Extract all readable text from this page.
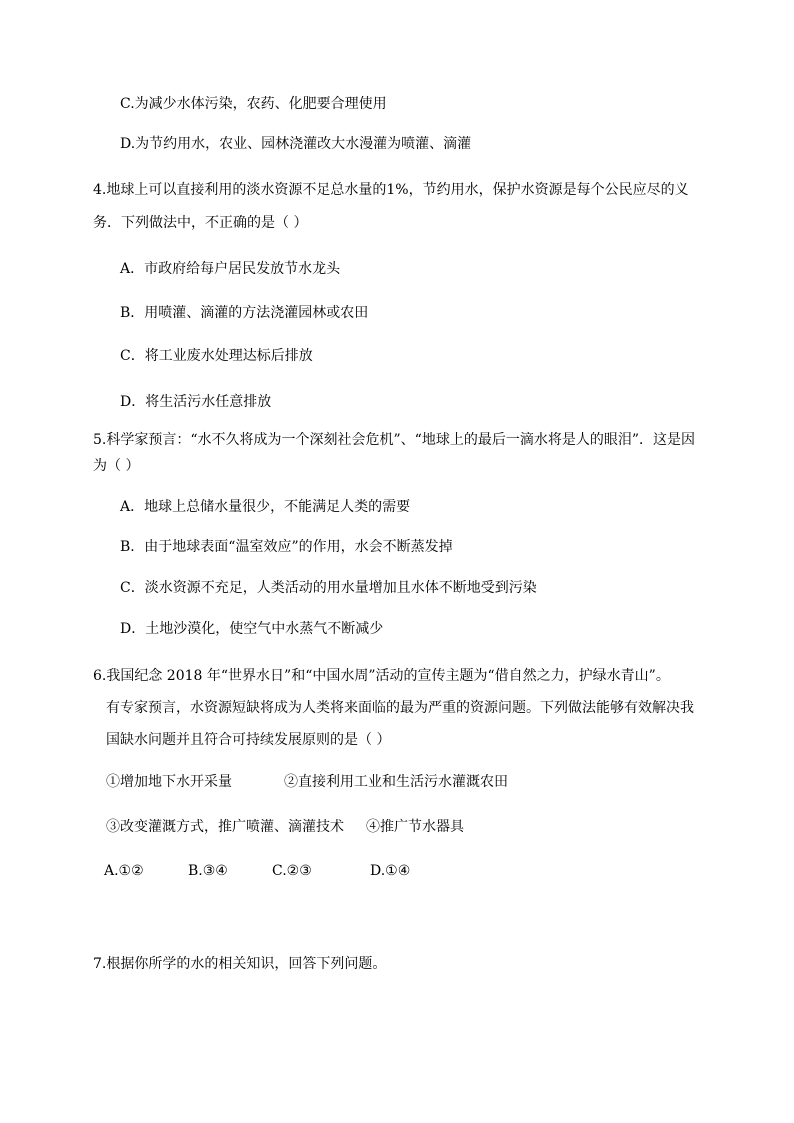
C.为减少水体污染，农药、化肥要合理使用
D.为节约用水，农业、园林浇灌改大水漫灌为喷灌、滴灌
4.地球上可以直接利用的淡水资源不足总水量的1%，节约用水，保护水资源是每个公民应尽的义
务．下列做法中，不正确的是（ ）
A．市政府给每户居民发放节水龙头
B．用喷灌、滴灌的方法浇灌园林或农田
C．将工业废水处理达标后排放
D．将生活污水任意排放
5.科学家预言：“水不久将成为一个深刻社会危机”、“地球上的最后一滴水将是人的眼泪”．这是因
为（ ）
A．地球上总储水量很少，不能满足人类的需要
B．由于地球表面“温室效应”的作用，水会不断蒸发掉
C．淡水资源不充足，人类活动的用水量增加且水体不断地受到污染
D．土地沙漠化，使空气中水蒸气不断减少
6.我国纪念 2018 年“世界水日”和“中国水周”活动的宣传主题为“借自然之力，护绿水青山”。
有专家预言，水资源短缺将成为人类将来面临的最为严重的资源问题。下列做法能够有效解决我
国缺水问题并且符合可持续发展原则的是（ ）
①增加地下水开采量	②直接利用工业和生活污水灌溉农田
③改变灌溉方式，推广喷灌、滴灌技术 ④推广节水器具
A.①②	B.③④	C.②③	D.①④
7.根据你所学的水的相关知识，回答下列问题。
